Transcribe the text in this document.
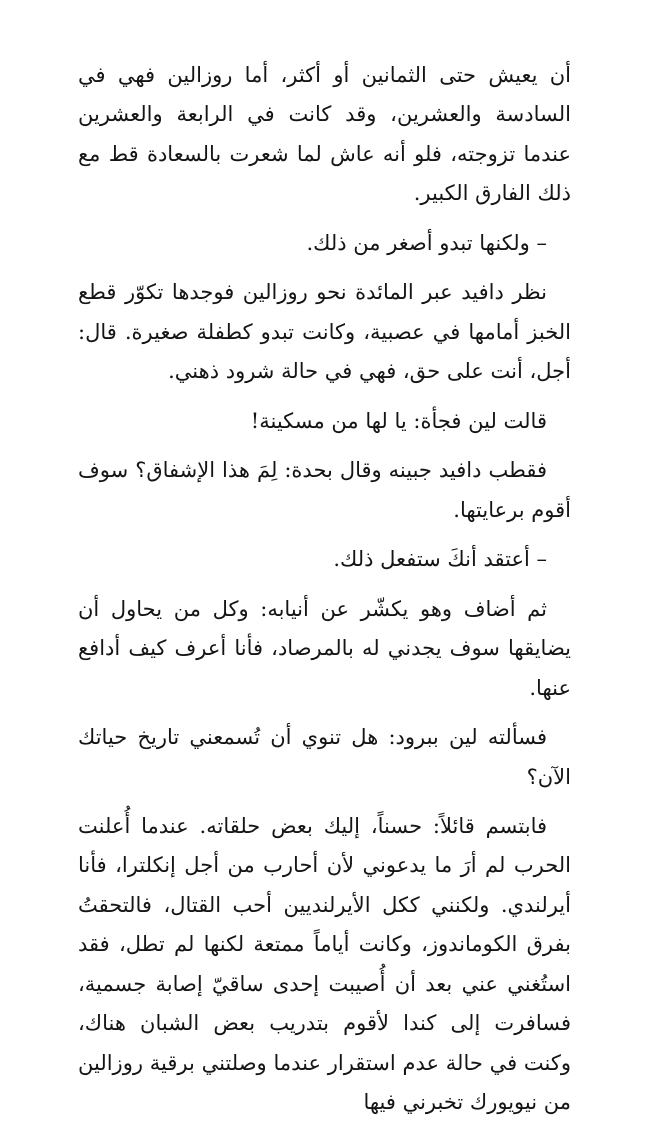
أن يعيش حتى الثمانين أو أكثر، أما روزالين فهي في السادسة والعشرين، وقد كانت في الرابعة والعشرين عندما تزوجته، فلو أنه عاش لما شعرت بالسعادة قط مع ذلك الفارق الكبير.

– ولكنها تبدو أصغر من ذلك.

نظر دافيد عبر المائدة نحو روزالين فوجدها تكوّر قطع الخبز أمامها في عصبية، وكانت تبدو كطفلة صغيرة. قال: أجل، أنت على حق، فهي في حالة شرود ذهني.

قالت لين فجأة: يا لها من مسكينة!

فقطب دافيد جبينه وقال بحدة: لِمَ هذا الإشفاق؟ سوف أقوم برعايتها.

– أعتقد أنكَ ستفعل ذلك.

ثم أضاف وهو يكشّر عن أنيابه: وكل من يحاول أن يضايقها سوف يجدني له بالمرصاد، فأنا أعرف كيف أدافع عنها.

فسألته لين ببرود: هل تنوي أن تُسمعني تاريخ حياتك الآن؟

فابتسم قائلاً: حسناً، إليك بعض حلقاته. عندما أُعلنت الحرب لم أرَ ما يدعوني لأن أحارب من أجل إنكلترا، فأنا أيرلندي. ولكنني ككل الأيرلنديين أحب القتال، فالتحقتُ بفرق الكوماندوز، وكانت أياماً ممتعة لكنها لم تطل، فقد استُغني عني بعد أن أُصيبت إحدى ساقيّ إصابة جسمية، فسافرت إلى كندا لأقوم بتدريب بعض الشبان هناك، وكنت في حالة عدم استقرار عندما وصلتني برقية روزالين من نيويورك تخبرني فيها
